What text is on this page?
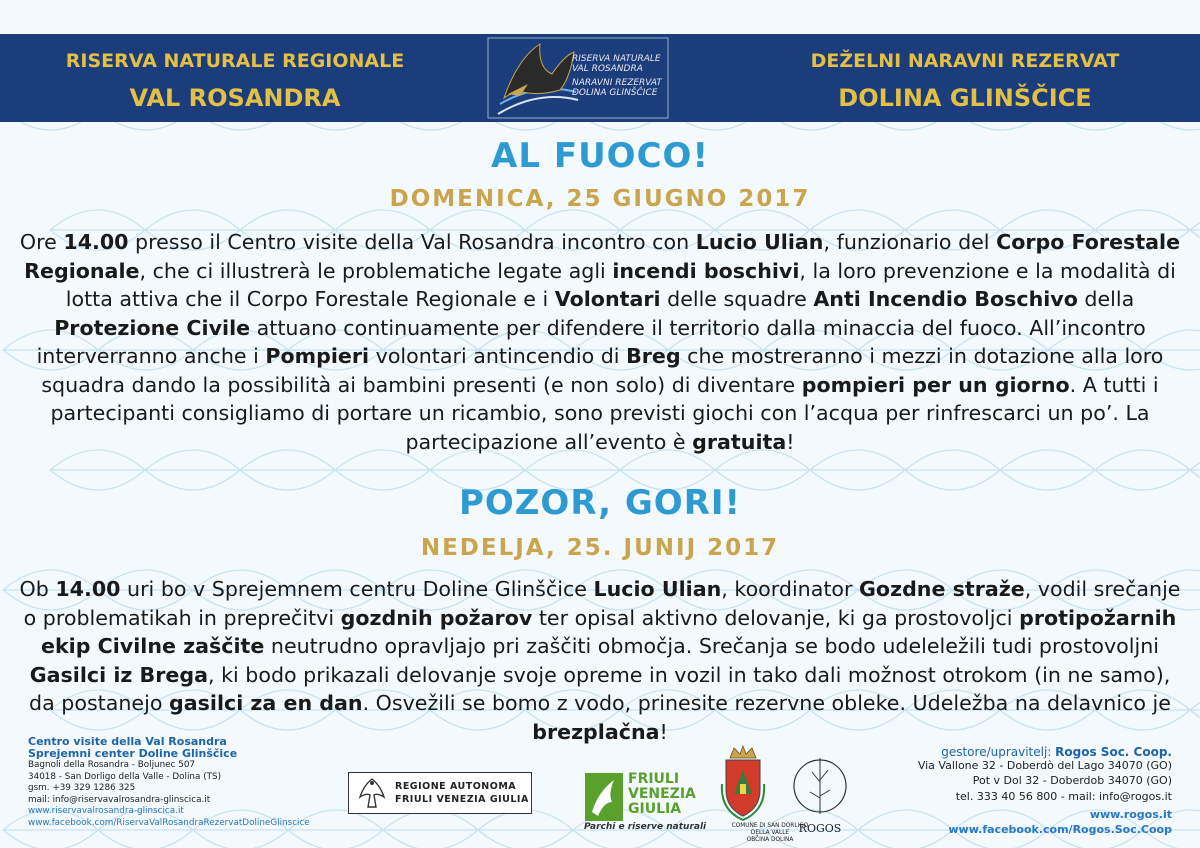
RISERVA NATURALE REGIONALE
VAL ROSANDRA
RISERVA NATURALE
VAL ROSANDRA
NARAVNI REZERVAT
DOLINA GLINŠČICE
DEŽELNI NARAVNI REZERVAT
DOLINA GLINŠČICE
AL FUOCO!
DOMENICA, 25 GIUGNO 2017

Ore 14.00 presso il Centro visite della Val Rosandra incontro con Lucio Ulian, funzionario del Corpo Forestale Regionale, che ci illustrerà le problematiche legate agli incendi boschivi, la loro prevenzione e la modalità di lotta attiva che il Corpo Forestale Regionale e i Volontari delle squadre Anti Incendio Boschivo della Protezione Civile attuano continuamente per difendere il territorio dalla minaccia del fuoco. All’incontro interverranno anche i Pompieri volontari antincendio di Breg che mostreranno i mezzi in dotazione alla loro squadra dando la possibilità ai bambini presenti (e non solo) di diventare pompieri per un giorno. A tutti i partecipanti consigliamo di portare un ricambio, sono previsti giochi con l’acqua per rinfrescarci un po’. La partecipazione all’evento è gratuita!

POZOR, GORI!
NEDELJA, 25. JUNIJ 2017

Ob 14.00 uri bo v Sprejemnem centru Doline Glinščice Lucio Ulian, koordinator Gozdne straže, vodil srečanje o problematikah in preprečitvi gozdnih požarov ter opisal aktivno delovanje, ki ga prostovoljci protipožarnih ekip Civilne zaščite neutrudno opravljajo pri zaščiti območja. Srečanja se bodo udeleležili tudi prostovoljni Gasilci iz Brega, ki bodo prikazali delovanje svoje opreme in vozil in tako dali možnost otrokom (in ne samo), da postanejo gasilci za en dan. Osvežili se bomo z vodo, prinesite rezervne obleke. Udeležba na delavnico je brezplačna!

Centro visite della Val Rosandra
Sprejemni center Doline Glinščice
Bagnoli della Rosandra - Boljunec 507
34018 - San Dorligo della Valle - Dolina (TS)
gsm. +39 329 1286 325
mail: info@riservavalrosandra-glinscica.it
www.riservavalrosandra-glinscica.it
www.facebook.com/RiservaValRosandraRezervatDolineGlinscice
REGIONE AUTONOMA
FRIULI VENEZIA GIULIA
FRIULI
VENEZIA
GIULIA
Parchi e riserve naturali	COMUNE DI SAN DORLIGO
DELLA VALLE
OBČINA DOLINA
ROGOS
gestore/upravitelj: Rogos Soc. Coop.
Via Vallone 32 - Doberdò del Lago 34070 (GO)
Pot v Dol 32 - Doberdob 34070 (GO)
tel. 333 40 56 800 - mail: info@rogos.it
www.rogos.it
www.facebook.com/Rogos.Soc.Coop
